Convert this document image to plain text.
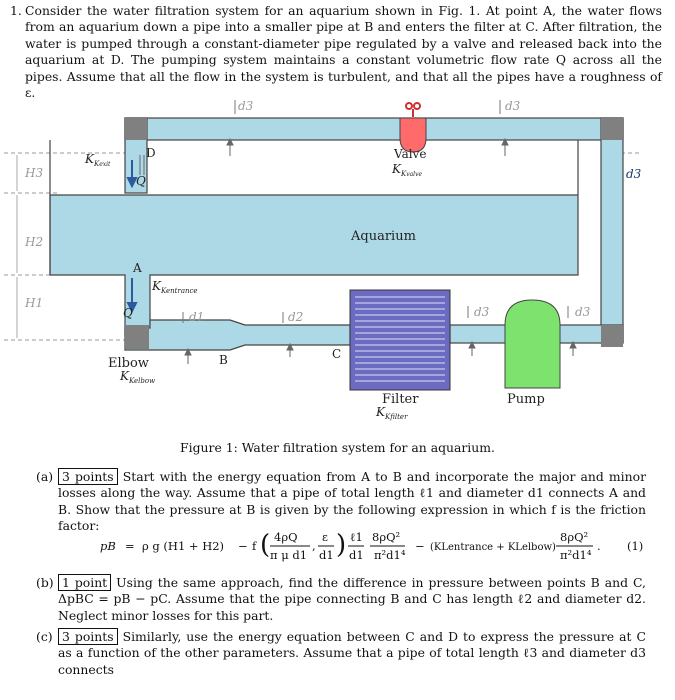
1. Consider the water filtration system for an aquarium shown in Fig. 1. At point A, the water flows from an aquarium down a pipe into a smaller pipe at B and enters the filter at C. After filtration, the water is pumped through a constant-diameter pipe regulated by a valve and released back into the aquarium at D. The pumping system maintains a constant volumetric flow rate Q across all the pipes. Assume that all the flow in the system is turbulent, and that all the pipes have a roughness of ε.
d3	d3
d3
d1	d2	d3	d3
H3
H2
H1
D
Q
A
Q
B	C
$K_Kexit$
Valve
$K_Kvalve$
Aquarium
$K_Kentrance$
Elbow
$K_Kelbow$
Filter
$K_Kfilter$
Pump
Figure 1: Water filtration system for an aquarium.
(a) 3 points Start with the energy equation from A to B and incorporate the major and minor losses along the way. Assume that a pipe of total length ℓ1 and diameter d1 connects A and B. Show that the pressure at B is given by the following expression in which f is the friction factor:
pB = ρ g (H1 + H2) − f ( 4ρQ
π μ d1
,
ε
d1 ) ℓ1
d1
8ρQ²
π²d1⁴
− (KLentrance + KLelbow)
8ρQ²
π²d1⁴
. (1)
(b) 1 point Using the same approach, find the difference in pressure between points B and C, ΔpBC = pB − pC. Assume that the pipe connecting B and C has length ℓ2 and diameter d2. Neglect minor losses for this part.
(c) 3 points Similarly, use the energy equation between C and D to express the pressure at C as a function of the other parameters. Assume that a pipe of total length ℓ3 and diameter d3 connects
